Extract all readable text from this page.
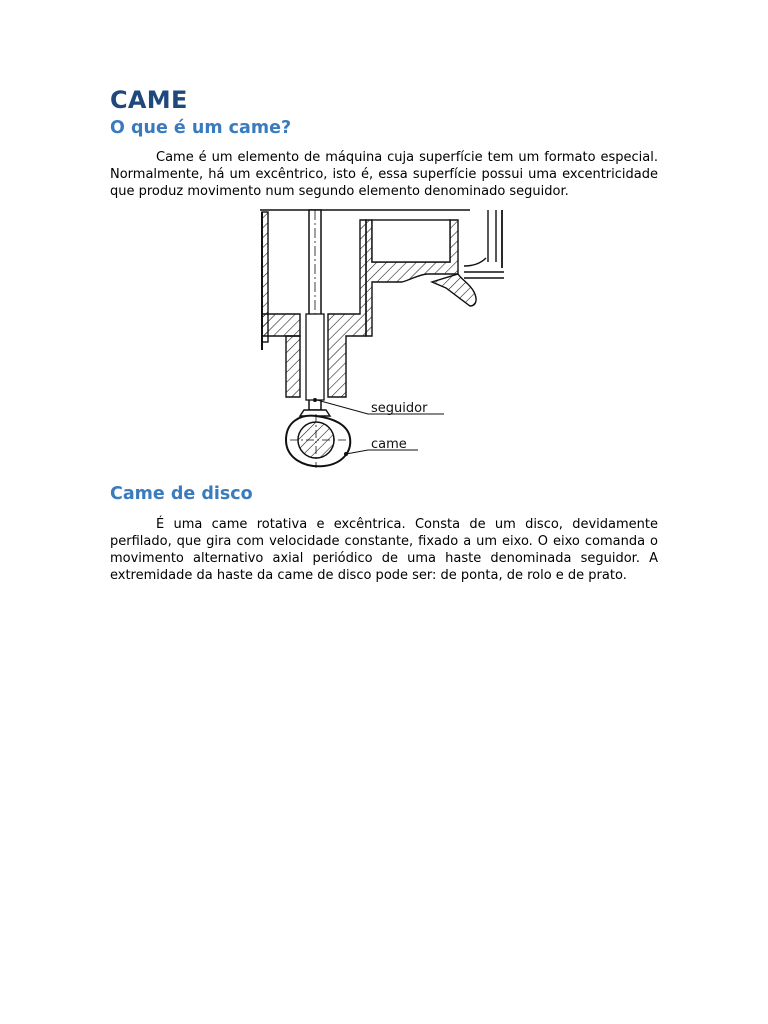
CAME
O que é um came?

Came é um elemento de máquina cuja superfície tem um formato especial. Normalmente, há um excêntrico, isto é, essa superfície possui uma excentricidade que produz movimento num segundo elemento denominado seguidor.

seguidor
came
Came de disco

É uma came rotativa e excêntrica. Consta de um disco, devidamente perfilado, que gira com velocidade constante, fixado a um eixo. O eixo comanda o movimento alternativo axial periódico de uma haste denominada seguidor. A extremidade da haste da came de disco pode ser: de ponta, de rolo e de prato.
